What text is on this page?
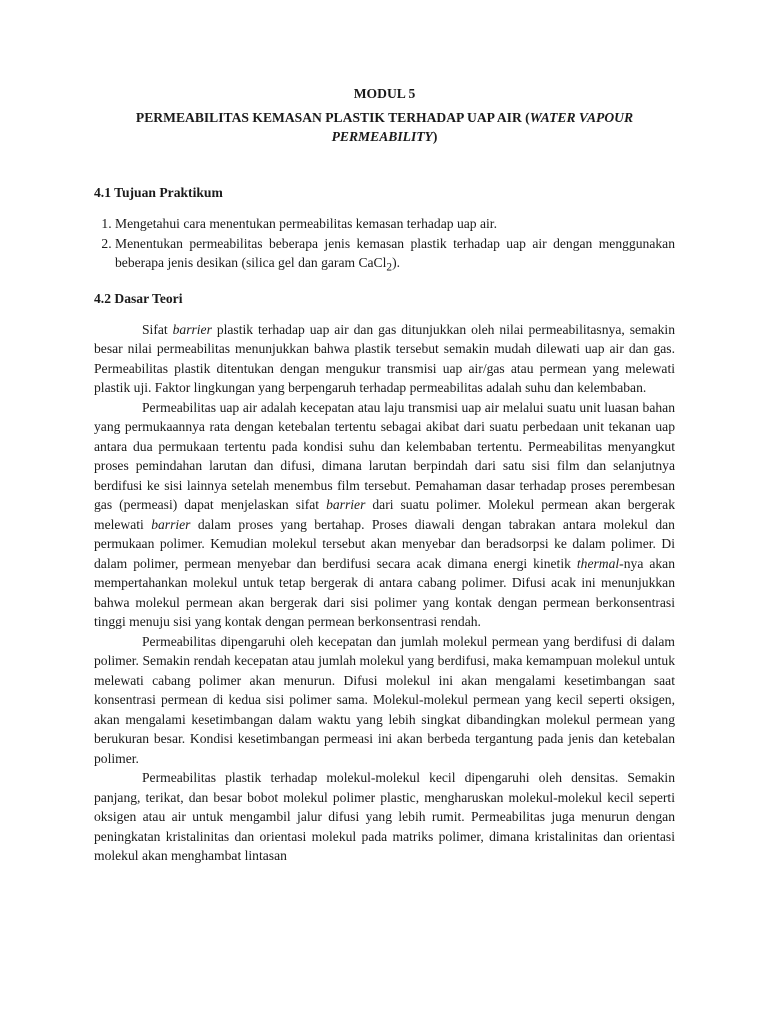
MODUL 5

PERMEABILITAS KEMASAN PLASTIK TERHADAP UAP AIR (WATER VAPOUR PERMEABILITY)

4.1 Tujuan Praktikum

1. Mengetahui cara menentukan permeabilitas kemasan terhadap uap air.
2. Menentukan permeabilitas beberapa jenis kemasan plastik terhadap uap air dengan menggunakan beberapa jenis desikan (silica gel dan garam CaCl$_2$).

4.2 Dasar Teori

Sifat barrier plastik terhadap uap air dan gas ditunjukkan oleh nilai permeabilitasnya, semakin besar nilai permeabilitas menunjukkan bahwa plastik tersebut semakin mudah dilewati uap air dan gas. Permeabilitas plastik ditentukan dengan mengukur transmisi uap air/gas atau permean yang melewati plastik uji. Faktor lingkungan yang berpengaruh terhadap permeabilitas adalah suhu dan kelembaban.

Permeabilitas uap air adalah kecepatan atau laju transmisi uap air melalui suatu unit luasan bahan yang permukaannya rata dengan ketebalan tertentu sebagai akibat dari suatu perbedaan unit tekanan uap antara dua permukaan tertentu pada kondisi suhu dan kelembaban tertentu. Permeabilitas menyangkut proses pemindahan larutan dan difusi, dimana larutan berpindah dari satu sisi film dan selanjutnya berdifusi ke sisi lainnya setelah menembus film tersebut. Pemahaman dasar terhadap proses perembesan gas (permeasi) dapat menjelaskan sifat barrier dari suatu polimer. Molekul permean akan bergerak melewati barrier dalam proses yang bertahap. Proses diawali dengan tabrakan antara molekul dan permukaan polimer. Kemudian molekul tersebut akan menyebar dan beradsorpsi ke dalam polimer. Di dalam polimer, permean menyebar dan berdifusi secara acak dimana energi kinetik thermal-nya akan mempertahankan molekul untuk tetap bergerak di antara cabang polimer. Difusi acak ini menunjukkan bahwa molekul permean akan bergerak dari sisi polimer yang kontak dengan permean berkonsentrasi tinggi menuju sisi yang kontak dengan permean berkonsentrasi rendah.

Permeabilitas dipengaruhi oleh kecepatan dan jumlah molekul permean yang berdifusi di dalam polimer. Semakin rendah kecepatan atau jumlah molekul yang berdifusi, maka kemampuan molekul untuk melewati cabang polimer akan menurun. Difusi molekul ini akan mengalami kesetimbangan saat konsentrasi permean di kedua sisi polimer sama. Molekul-molekul permean yang kecil seperti oksigen, akan mengalami kesetimbangan dalam waktu yang lebih singkat dibandingkan molekul permean yang berukuran besar. Kondisi kesetimbangan permeasi ini akan berbeda tergantung pada jenis dan ketebalan polimer.

Permeabilitas plastik terhadap molekul-molekul kecil dipengaruhi oleh densitas. Semakin panjang, terikat, dan besar bobot molekul polimer plastic, mengharuskan molekul-molekul kecil seperti oksigen atau air untuk mengambil jalur difusi yang lebih rumit. Permeabilitas juga menurun dengan peningkatan kristalinitas dan orientasi molekul pada matriks polimer, dimana kristalinitas dan orientasi molekul akan menghambat lintasan
